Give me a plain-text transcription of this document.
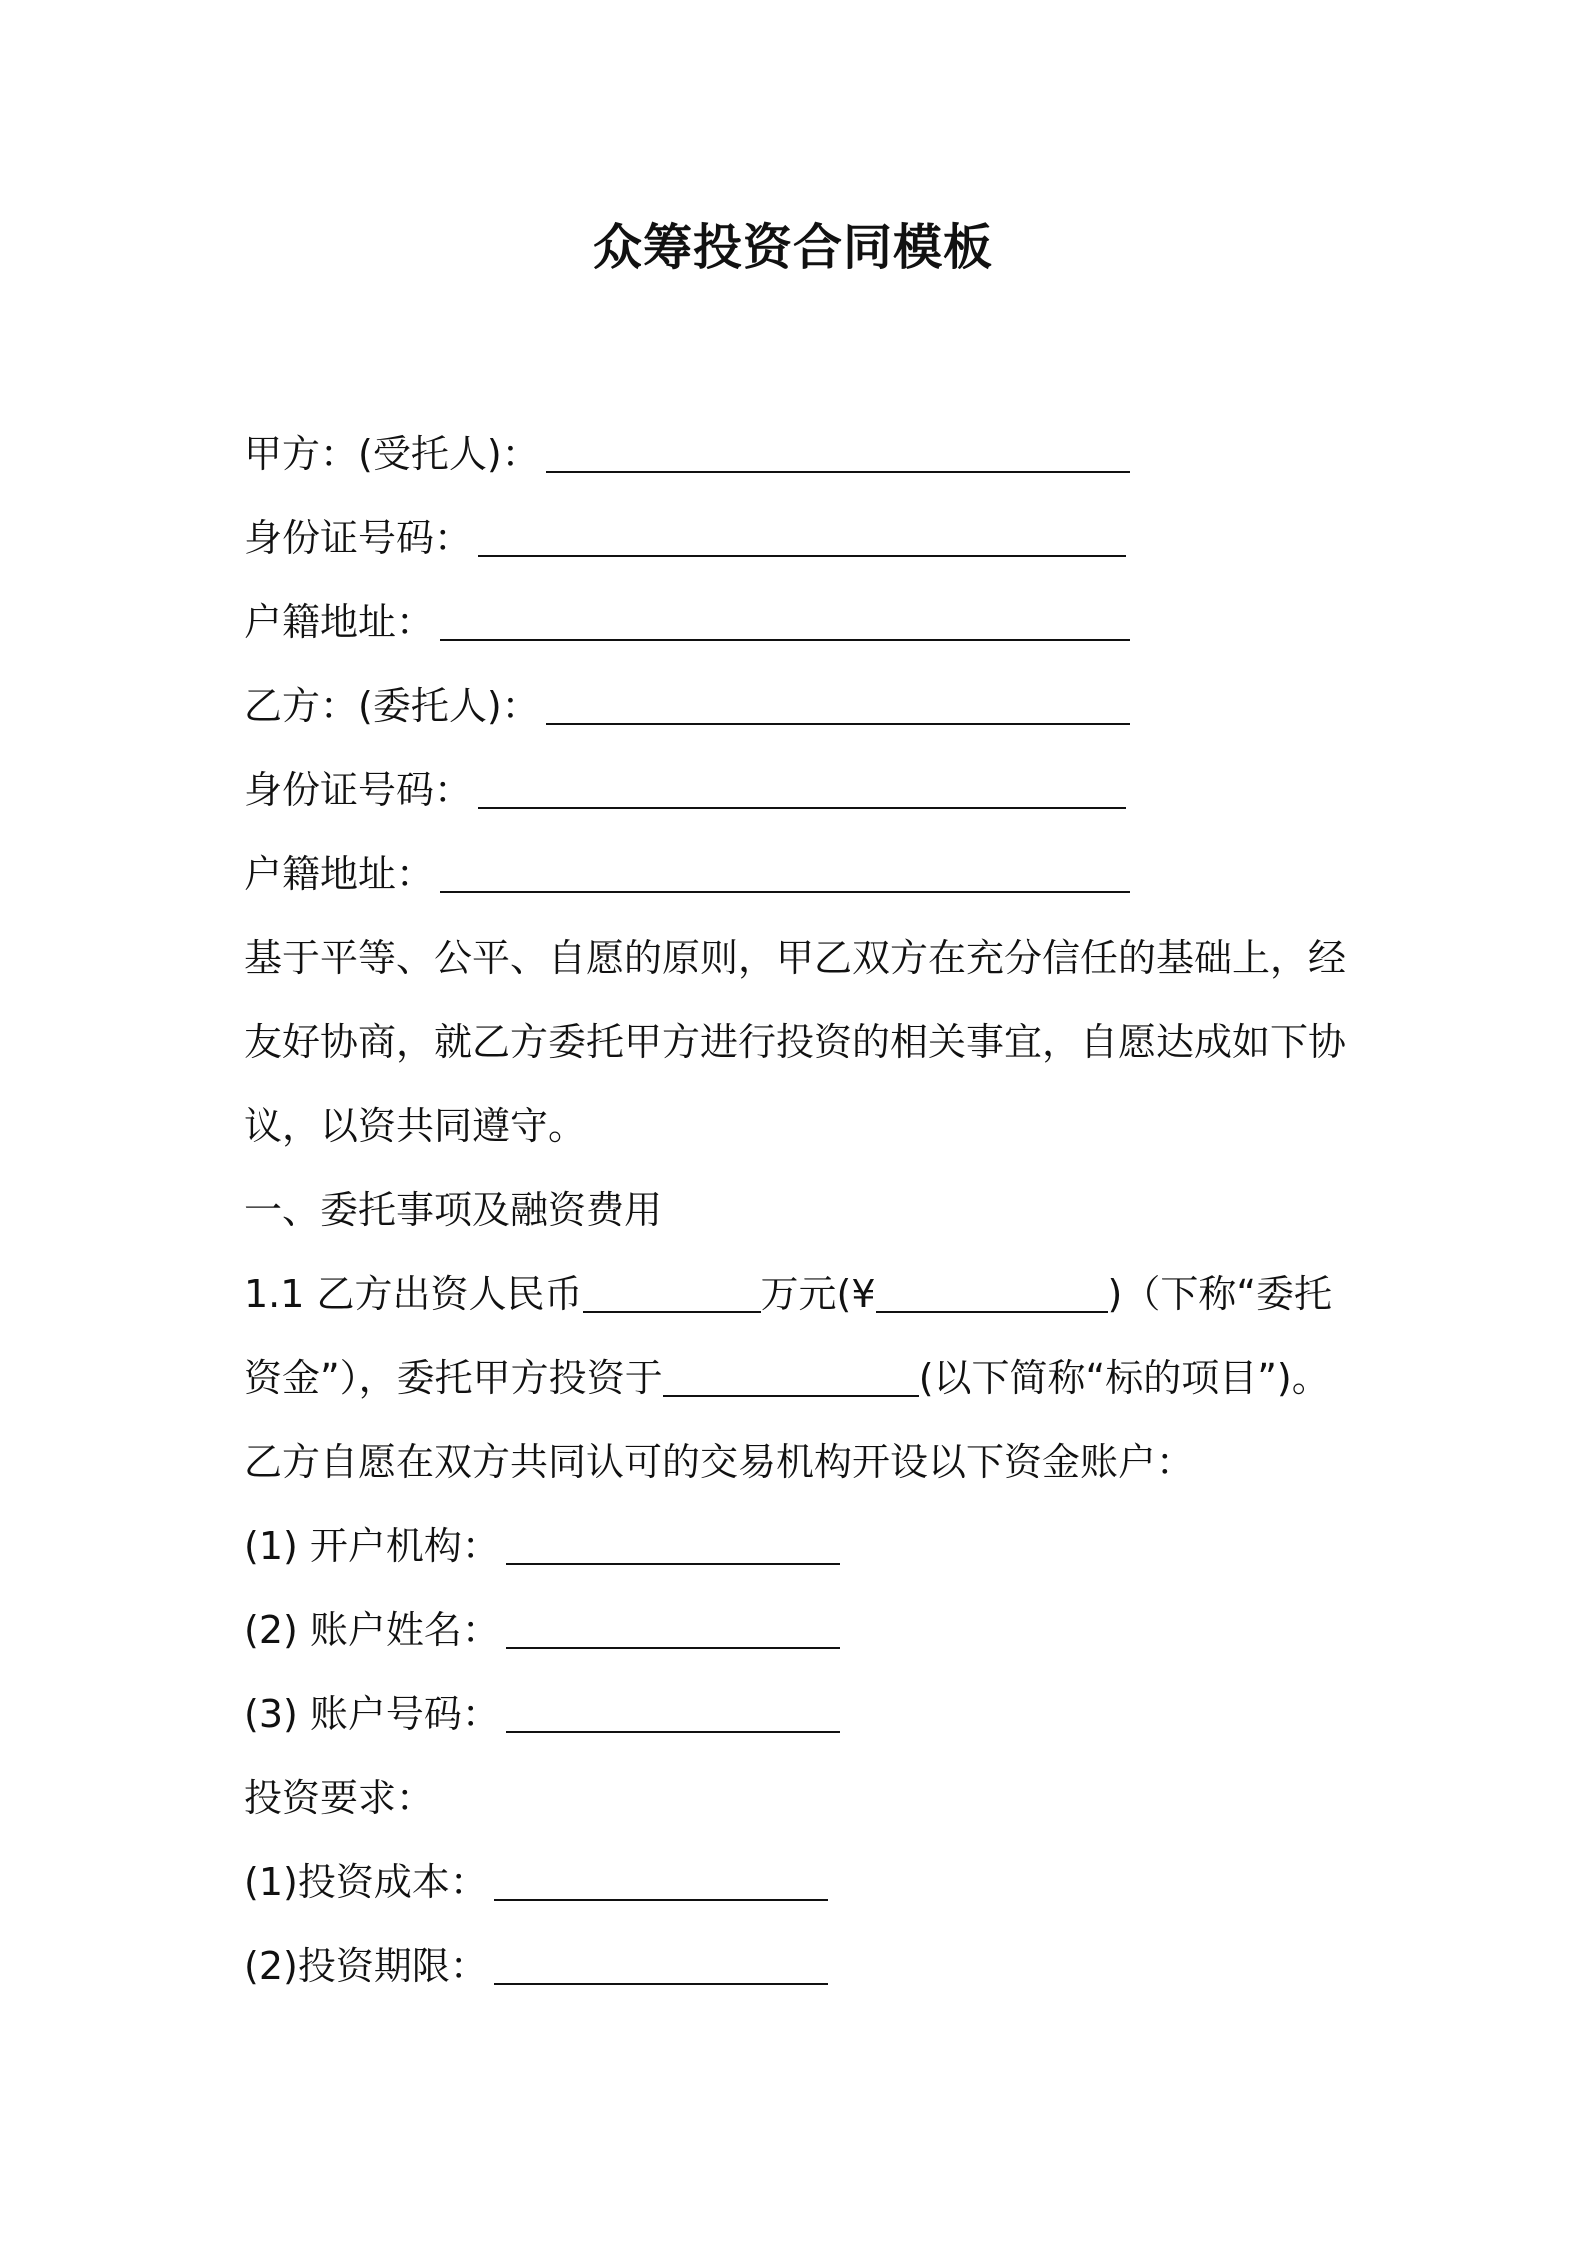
众筹投资合同模板
甲方：(受托人)：
身份证号码：
户籍地址：
乙方：(委托人)：
身份证号码：
户籍地址：
基于平等、公平、自愿的原则，甲乙双方在充分信任的基础上，经友好协商，就乙方委托甲方进行投资的相关事宜，自愿达成如下协议，以资共同遵守。
一、委托事项及融资费用
1.1 乙方出资人民币	万元(¥	)（下称“委托资金”），委托甲方投资于	(以下简称“标的项目”)。
乙方自愿在双方共同认可的交易机构开设以下资金账户：
(1) 开户机构：
(2) 账户姓名：
(3) 账户号码：
投资要求：
(1)投资成本：
(2)投资期限：
